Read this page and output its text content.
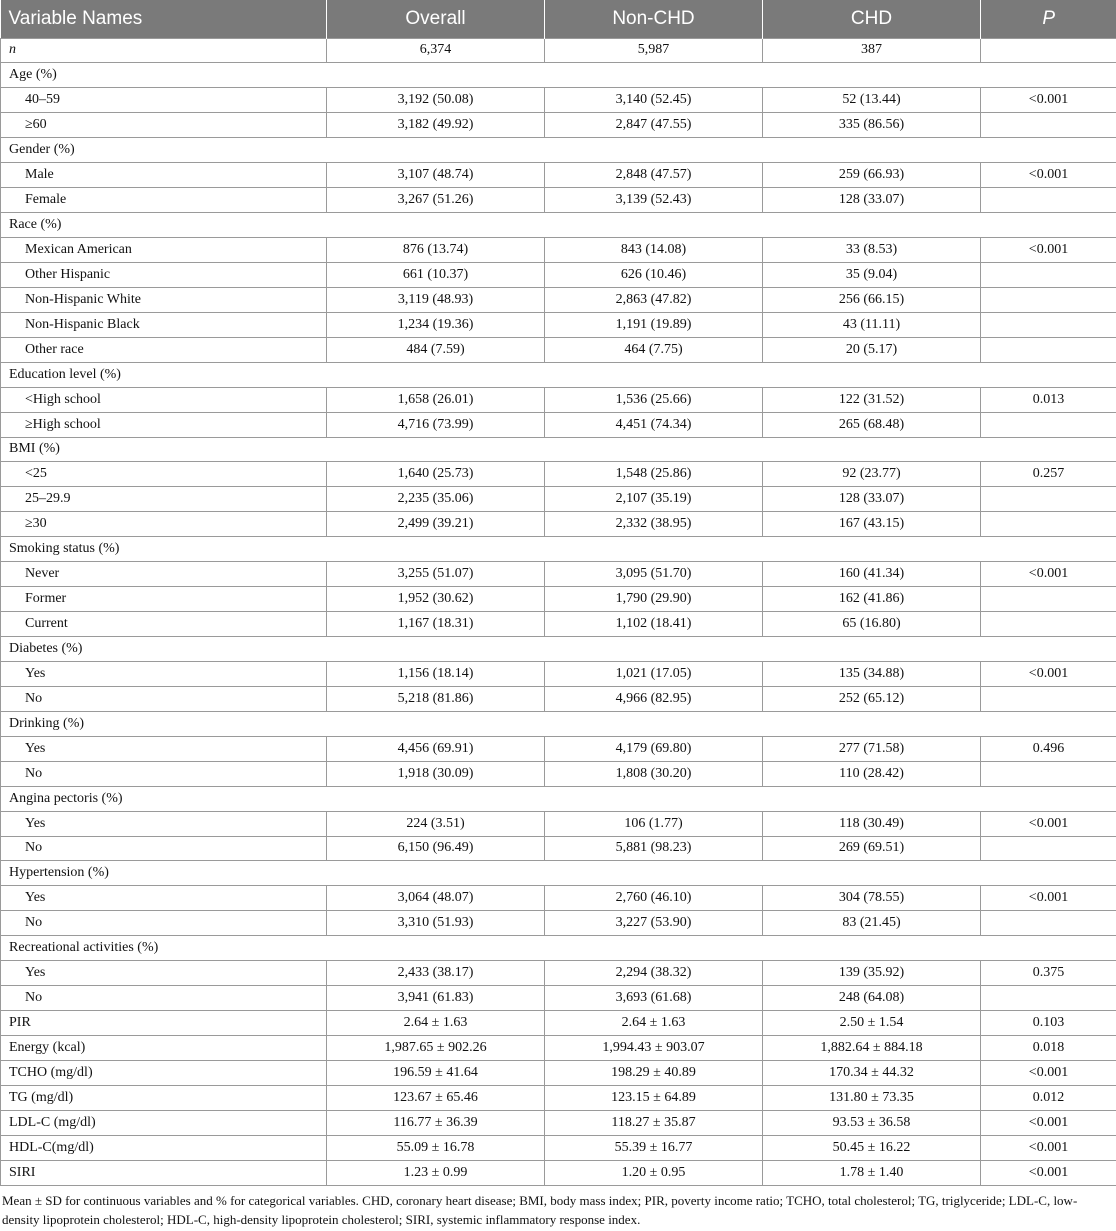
Variable Names	Overall	Non-CHD	CHD	P
n	6,374	5,987	387	
Age (%)				
40–59	3,192 (50.08)	3,140 (52.45)	52 (13.44)	<0.001
≥60	3,182 (49.92)	2,847 (47.55)	335 (86.56)	
Gender (%)				
Male	3,107 (48.74)	2,848 (47.57)	259 (66.93)	<0.001
Female	3,267 (51.26)	3,139 (52.43)	128 (33.07)	
Race (%)				
Mexican American	876 (13.74)	843 (14.08)	33 (8.53)	<0.001
Other Hispanic	661 (10.37)	626 (10.46)	35 (9.04)	
Non-Hispanic White	3,119 (48.93)	2,863 (47.82)	256 (66.15)	
Non-Hispanic Black	1,234 (19.36)	1,191 (19.89)	43 (11.11)	
Other race	484 (7.59)	464 (7.75)	20 (5.17)	
Education level (%)				
<High school	1,658 (26.01)	1,536 (25.66)	122 (31.52)	0.013
≥High school	4,716 (73.99)	4,451 (74.34)	265 (68.48)	
BMI (%)				
<25	1,640 (25.73)	1,548 (25.86)	92 (23.77)	0.257
25–29.9	2,235 (35.06)	2,107 (35.19)	128 (33.07)	
≥30	2,499 (39.21)	2,332 (38.95)	167 (43.15)	
Smoking status (%)				
Never	3,255 (51.07)	3,095 (51.70)	160 (41.34)	<0.001
Former	1,952 (30.62)	1,790 (29.90)	162 (41.86)	
Current	1,167 (18.31)	1,102 (18.41)	65 (16.80)	
Diabetes (%)				
Yes	1,156 (18.14)	1,021 (17.05)	135 (34.88)	<0.001
No	5,218 (81.86)	4,966 (82.95)	252 (65.12)	
Drinking (%)				
Yes	4,456 (69.91)	4,179 (69.80)	277 (71.58)	0.496
No	1,918 (30.09)	1,808 (30.20)	110 (28.42)	
Angina pectoris (%)				
Yes	224 (3.51)	106 (1.77)	118 (30.49)	<0.001
No	6,150 (96.49)	5,881 (98.23)	269 (69.51)	
Hypertension (%)				
Yes	3,064 (48.07)	2,760 (46.10)	304 (78.55)	<0.001
No	3,310 (51.93)	3,227 (53.90)	83 (21.45)	
Recreational activities (%)				
Yes	2,433 (38.17)	2,294 (38.32)	139 (35.92)	0.375
No	3,941 (61.83)	3,693 (61.68)	248 (64.08)	
PIR	2.64 ± 1.63	2.64 ± 1.63	2.50 ± 1.54	0.103
Energy (kcal)	1,987.65 ± 902.26	1,994.43 ± 903.07	1,882.64 ± 884.18	0.018
TCHO (mg/dl)	196.59 ± 41.64	198.29 ± 40.89	170.34 ± 44.32	<0.001
TG (mg/dl)	123.67 ± 65.46	123.15 ± 64.89	131.80 ± 73.35	0.012
LDL-C (mg/dl)	116.77 ± 36.39	118.27 ± 35.87	93.53 ± 36.58	<0.001
HDL-C(mg/dl)	55.09 ± 16.78	55.39 ± 16.77	50.45 ± 16.22	<0.001
SIRI	1.23 ± 0.99	1.20 ± 0.95	1.78 ± 1.40	<0.001
Mean ± SD for continuous variables and % for categorical variables. CHD, coronary heart disease; BMI, body mass index; PIR, poverty income ratio; TCHO, total cholesterol; TG, triglyceride; LDL-C, low-density lipoprotein cholesterol; HDL-C, high-density lipoprotein cholesterol; SIRI, systemic inflammatory response index.
